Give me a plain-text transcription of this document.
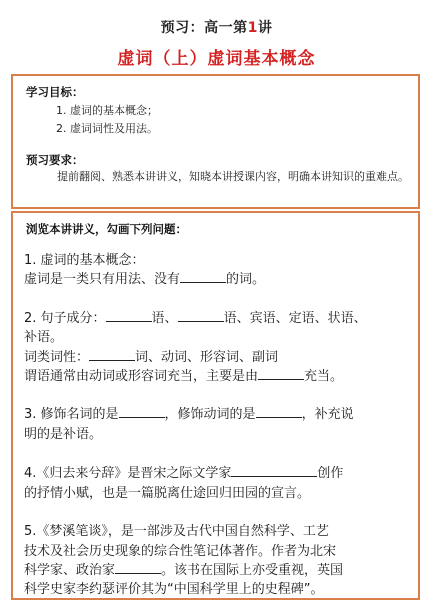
预习：高一第1讲
虚词（上）虚词基本概念
学习目标：
1. 虚词的基本概念；
2. 虚词词性及用法。
预习要求：
提前翻阅、熟悉本讲讲义，知晓本讲授课内容，明确本讲知识的重难点。
浏览本讲讲义，勾画下列问题：
1. 虚词的基本概念：
虚词是一类只有用法、没有	的词。
2. 句子成分：	语、	语、宾语、定语、状语、
补语。
词类词性：	词、动词、形容词、副词
谓语通常由动词或形容词充当，主要是由	充当。
3. 修饰名词的是	，修饰动词的是	，补充说
明的是补语。
4.《归去来兮辞》是晋宋之际文学家	创作
的抒情小赋，也是一篇脱离仕途回归田园的宣言。
5.《梦溪笔谈》，是一部涉及古代中国自然科学、工艺
技术及社会历史现象的综合性笔记体著作。作者为北宋
科学家、政治家	。该书在国际上亦受重视，英国
科学史家李约瑟评价其为“中国科学里上的史程碑”。
